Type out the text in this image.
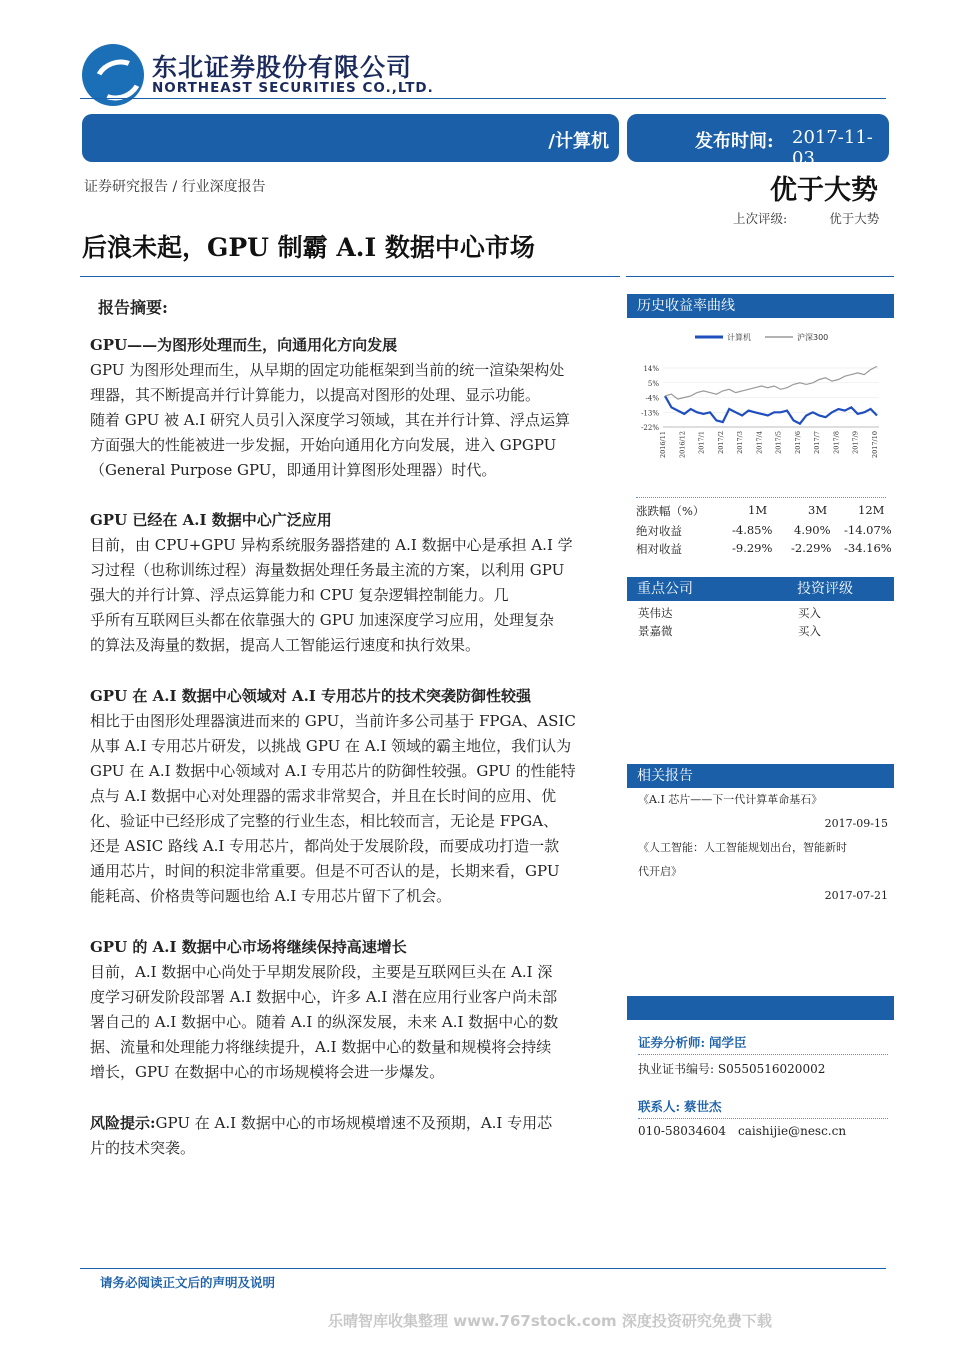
东北证券股份有限公司
NORTHEAST SECURITIES CO.,LTD.
/计算机	发布时间: 2017-11-03
证券研究报告 / 行业深度报告	优于大势
上次评级:	优于大势
后浪未起，GPU 制霸 A.I 数据中心市场
报告摘要:
GPU——为图形处理而生，向通用化方向发展
GPU 为图形处理而生，从早期的固定功能框架到当前的统一渲染架构处
理器，其不断提高并行计算能力，以提高对图形的处理、显示功能。
随着 GPU 被 A.I 研究人员引入深度学习领域，其在并行计算、浮点运算
方面强大的性能被进一步发掘，开始向通用化方向发展，进入 GPGPU
（General Purpose GPU，即通用计算图形处理器）时代。
GPU 已经在 A.I 数据中心广泛应用
目前，由 CPU+GPU 异构系统服务器搭建的 A.I 数据中心是承担 A.I 学
习过程（也称训练过程）海量数据处理任务最主流的方案，以利用 GPU
强大的并行计算、浮点运算能力和 CPU 复杂逻辑控制能力。几
乎所有互联网巨头都在依靠强大的 GPU 加速深度学习应用，处理复杂
的算法及海量的数据，提高人工智能运行速度和执行效果。
GPU 在 A.I 数据中心领域对 A.I 专用芯片的技术突袭防御性较强
相比于由图形处理器演进而来的 GPU，当前许多公司基于 FPGA、ASIC
从事 A.I 专用芯片研发，以挑战 GPU 在 A.I 领域的霸主地位，我们认为
GPU 在 A.I 数据中心领域对 A.I 专用芯片的防御性较强。GPU 的性能特
点与 A.I 数据中心对处理器的需求非常契合，并且在长时间的应用、优
化、验证中已经形成了完整的行业生态，相比较而言，无论是 FPGA、
还是 ASIC 路线 A.I 专用芯片，都尚处于发展阶段，而要成功打造一款
通用芯片，时间的积淀非常重要。但是不可否认的是，长期来看，GPU
能耗高、价格贵等问题也给 A.I 专用芯片留下了机会。
GPU 的 A.I 数据中心市场将继续保持高速增长
目前，A.I 数据中心尚处于早期发展阶段，主要是互联网巨头在 A.I 深
度学习研发阶段部署 A.I 数据中心，许多 A.I 潜在应用行业客户尚未部
署自己的 A.I 数据中心。随着 A.I 的纵深发展，未来 A.I 数据中心的数
据、流量和处理能力将继续提升，A.I 数据中心的数量和规模将会持续
增长，GPU 在数据中心的市场规模将会进一步爆发。
风险提示:GPU 在 A.I 数据中心的市场规模增速不及预期，A.I 专用芯
片的技术突袭。
历史收益率曲线
计算机	沪深300
14%
5%
-4%
-13%
-22%
2016/11 2016/12 2017/1 2017/2 2017/3 2017/4 2017/5 2017/6 2017/7 2017/8 2017/9 2017/10
涨跌幅（%）	1M	3M	12M
绝对收益	-4.85% 4.90% -14.07%
相对收益	-9.29% -2.29% -34.16%
重点公司	投资评级
英伟达	买入
景嘉微	买入
相关报告
《A.I 芯片——下一代计算革命基石》
2017-09-15
《人工智能：人工智能规划出台，智能新时
代开启》
2017-07-21
证券分析师: 闻学臣
执业证书编号: S0550516020002
联系人: 蔡世杰
010-58034604 caishijie@nesc.cn
请务必阅读正文后的声明及说明
乐晴智库收集整理 www.767stock.com 深度投资研究免费下载
